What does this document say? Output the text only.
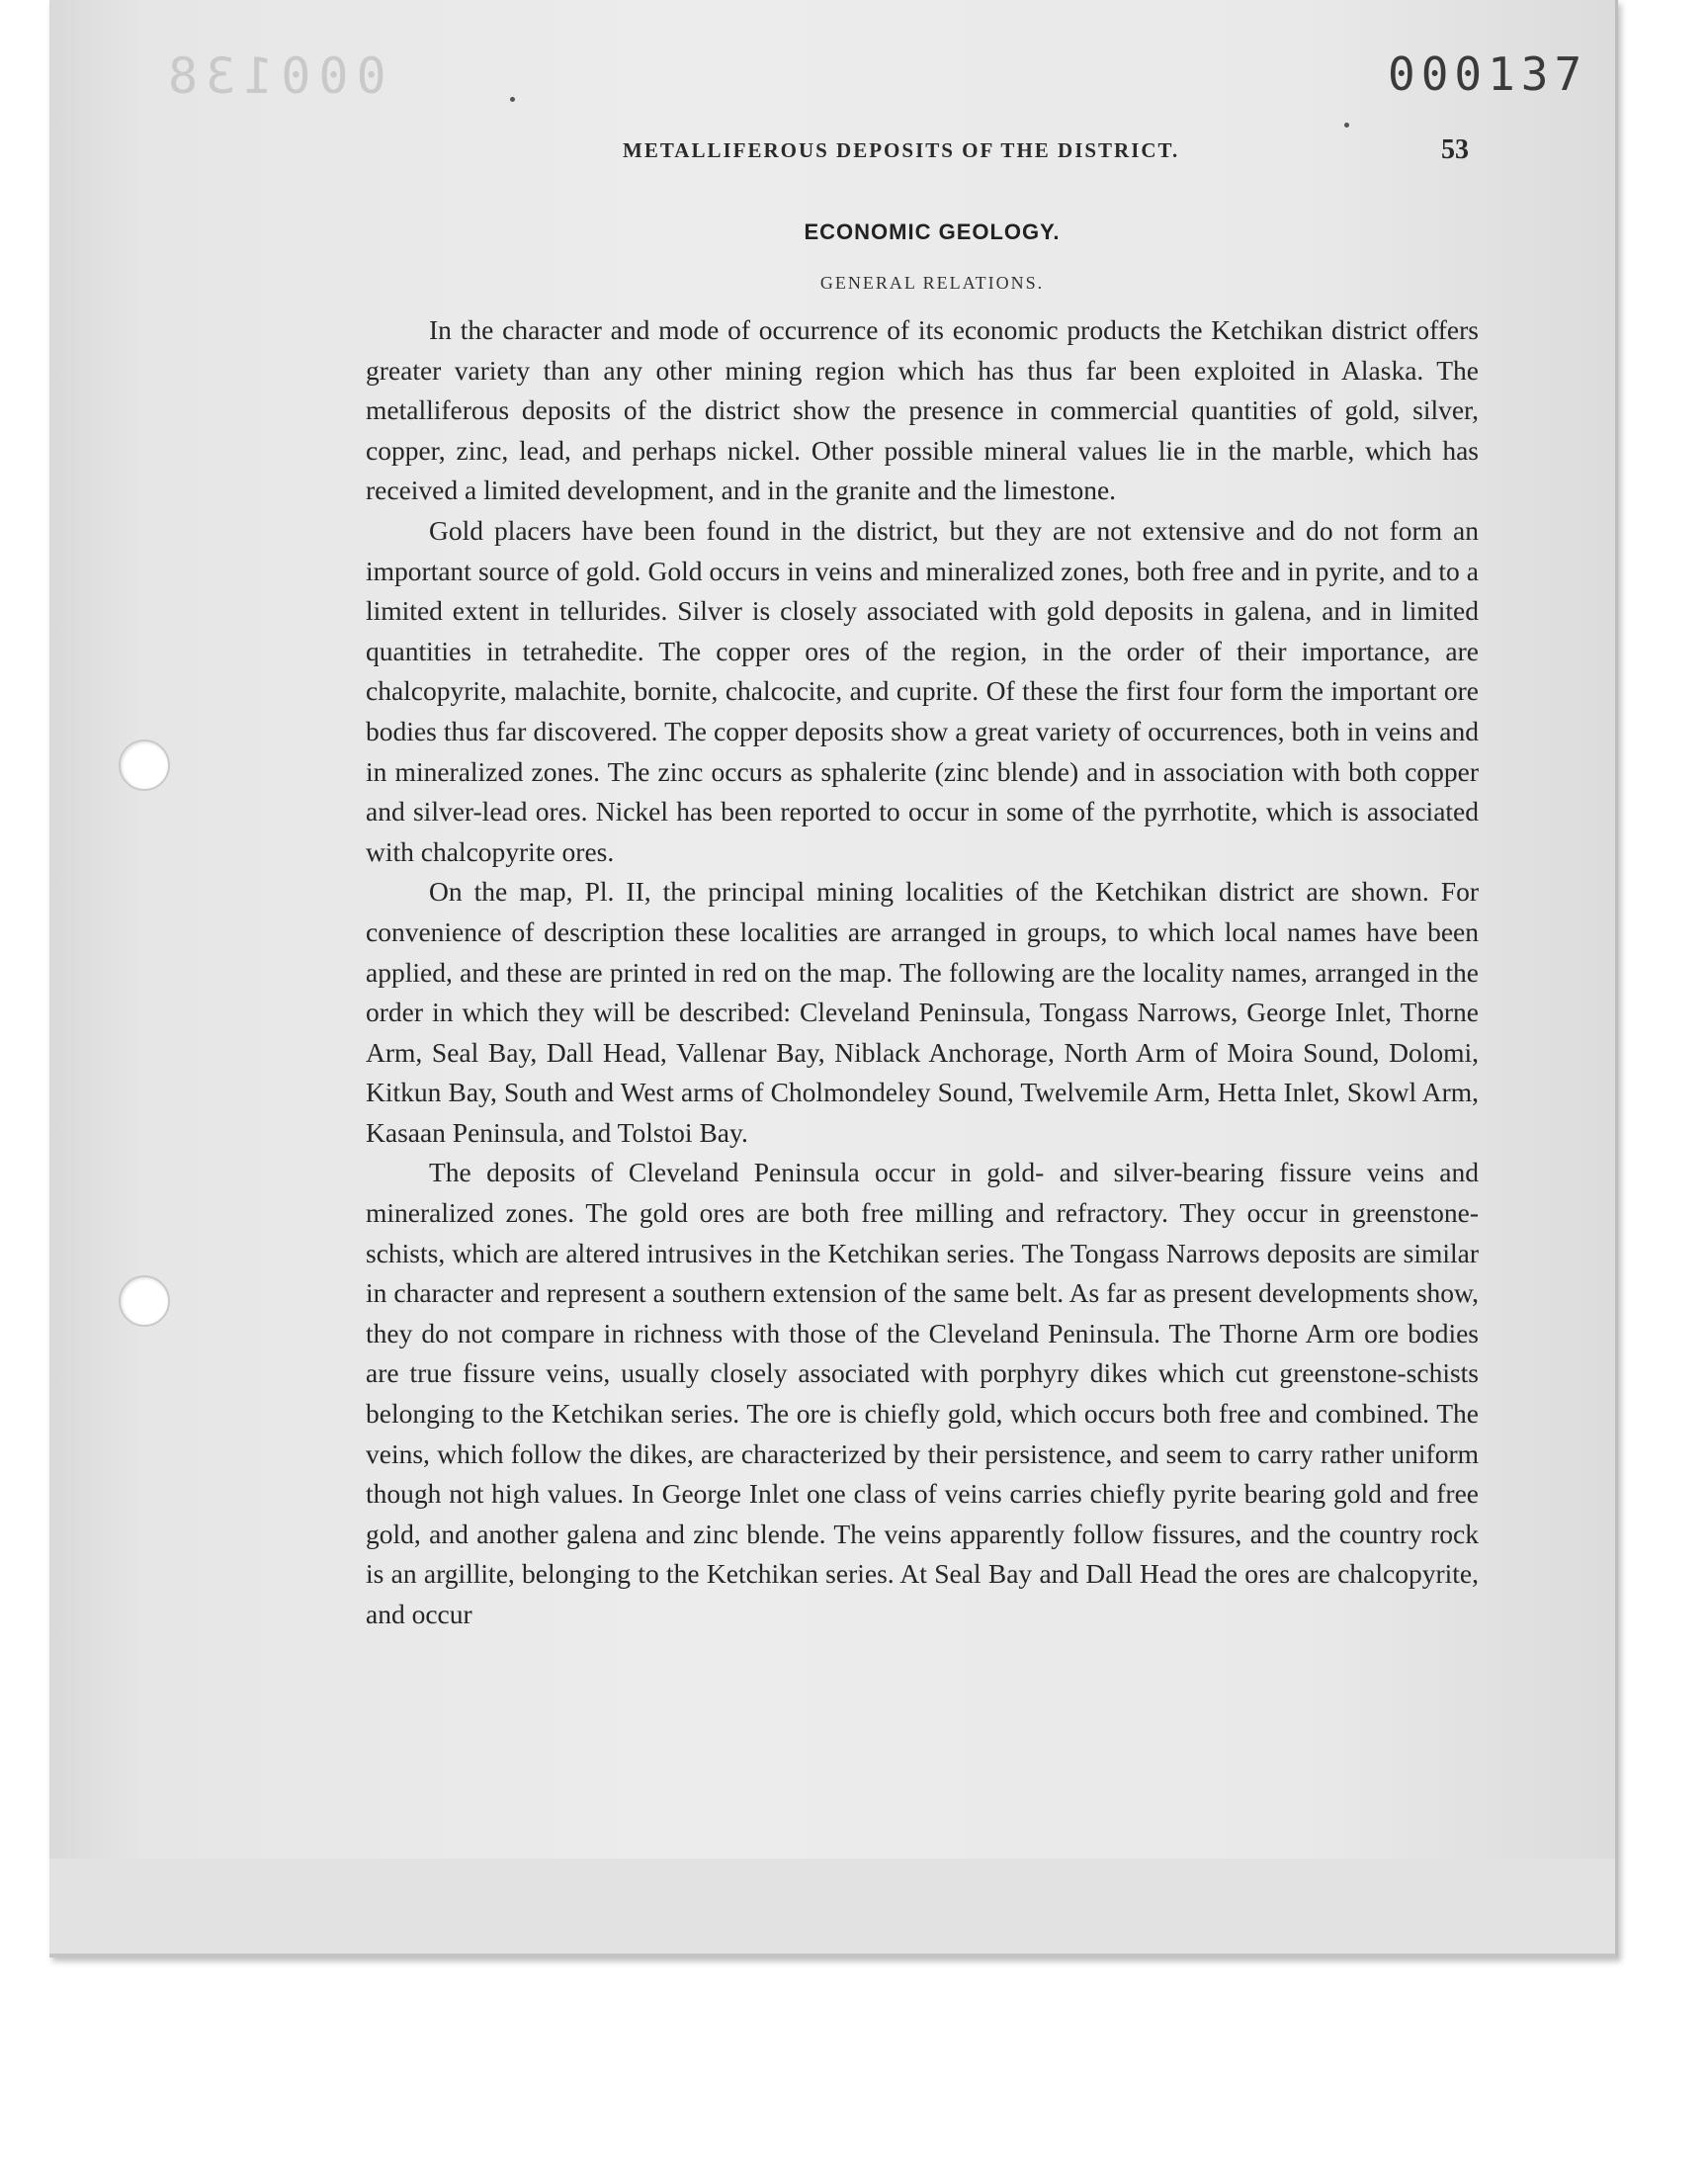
000138	000137
METALLIFEROUS DEPOSITS OF THE DISTRICT.	53
ECONOMIC GEOLOGY.
GENERAL RELATIONS.

In the character and mode of occurrence of its economic products the Ketchikan district offers greater variety than any other mining region which has thus far been exploited in Alaska. The metalliferous deposits of the district show the presence in commercial quantities of gold, silver, copper, zinc, lead, and perhaps nickel. Other possible mineral values lie in the marble, which has received a limited development, and in the granite and the limestone.

Gold placers have been found in the district, but they are not extensive and do not form an important source of gold. Gold occurs in veins and mineralized zones, both free and in pyrite, and to a limited extent in tellurides. Silver is closely associated with gold deposits in galena, and in limited quantities in tetrahedite. The copper ores of the region, in the order of their importance, are chalcopyrite, malachite, bornite, chalcocite, and cuprite. Of these the first four form the important ore bodies thus far discovered. The copper deposits show a great variety of occurrences, both in veins and in mineralized zones. The zinc occurs as sphalerite (zinc blende) and in association with both copper and silver-lead ores. Nickel has been reported to occur in some of the pyrrhotite, which is associated with chalcopyrite ores.

On the map, Pl. II, the principal mining localities of the Ketchikan district are shown. For convenience of description these localities are arranged in groups, to which local names have been applied, and these are printed in red on the map. The following are the locality names, arranged in the order in which they will be described: Cleveland Peninsula, Tongass Narrows, George Inlet, Thorne Arm, Seal Bay, Dall Head, Vallenar Bay, Niblack Anchorage, North Arm of Moira Sound, Dolomi, Kitkun Bay, South and West arms of Cholmondeley Sound, Twelvemile Arm, Hetta Inlet, Skowl Arm, Kasaan Peninsula, and Tolstoi Bay.

The deposits of Cleveland Peninsula occur in gold- and silver-bearing fissure veins and mineralized zones. The gold ores are both free milling and refractory. They occur in greenstone-schists, which are altered intrusives in the Ketchikan series. The Tongass Narrows deposits are similar in character and represent a southern extension of the same belt. As far as present developments show, they do not compare in richness with those of the Cleveland Peninsula. The Thorne Arm ore bodies are true fissure veins, usually closely associated with porphyry dikes which cut greenstone-schists belonging to the Ketchikan series. The ore is chiefly gold, which occurs both free and combined. The veins, which follow the dikes, are characterized by their persistence, and seem to carry rather uniform though not high values. In George Inlet one class of veins carries chiefly pyrite bearing gold and free gold, and another galena and zinc blende. The veins apparently follow fissures, and the country rock is an argillite, belonging to the Ketchikan series. At Seal Bay and Dall Head the ores are chalcopyrite, and occur
